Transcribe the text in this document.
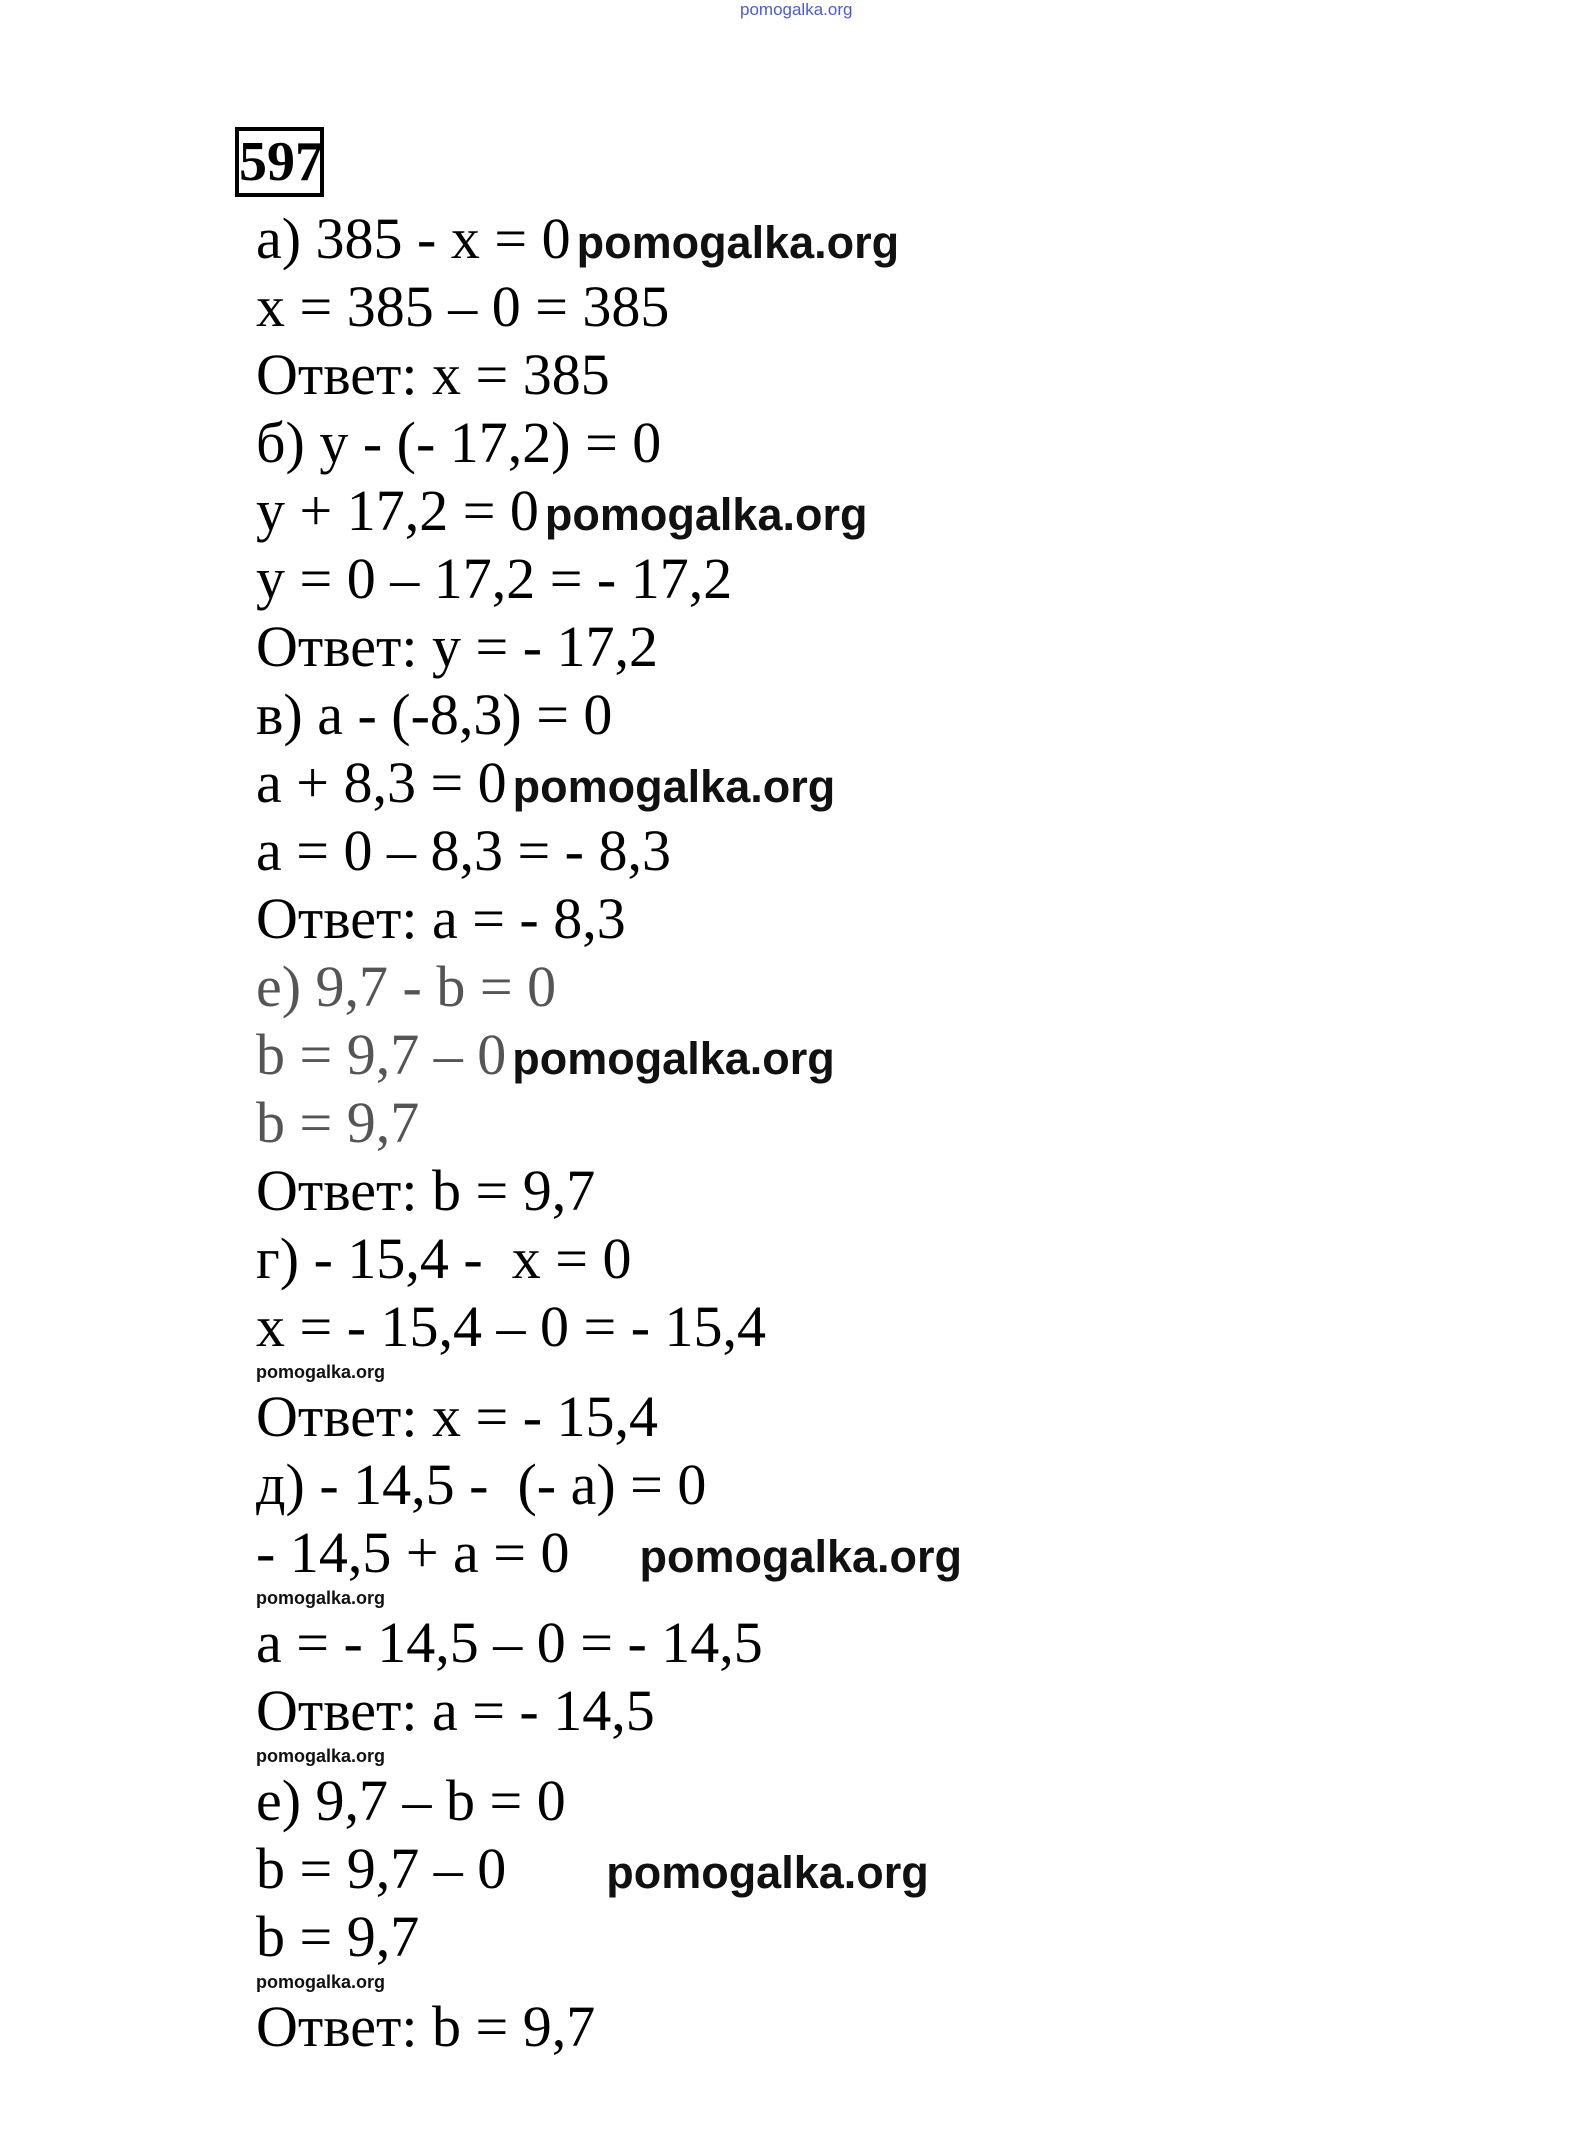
pomogalka.org
597
а) 385 - x = 0 pomogalka.org
x = 385 – 0 = 385
Ответ: x = 385
б) y - (- 17,2) = 0
y + 17,2 = 0 pomogalka.org
y = 0 – 17,2 = - 17,2
Ответ: y = - 17,2
в) a - (-8,3) = 0
a + 8,3 = 0 pomogalka.org
a = 0 – 8,3 = - 8,3
Ответ: a = - 8,3
е) 9,7 - b = 0
b = 9,7 – 0 pomogalka.org
b = 9,7
Ответ: b = 9,7
г) - 15,4 -  x = 0
x = - 15,4 – 0 = - 15,4
pomogalka.org
Ответ: x = - 15,4
д) - 14,5 -  (- a) = 0
- 14,5 + a = 0 pomogalka.org
pomogalka.org
a = - 14,5 – 0 = - 14,5
Ответ: a = - 14,5
pomogalka.org
е) 9,7 – b = 0
b = 9,7 – 0 pomogalka.org
b = 9,7
pomogalka.org
Ответ: b = 9,7
